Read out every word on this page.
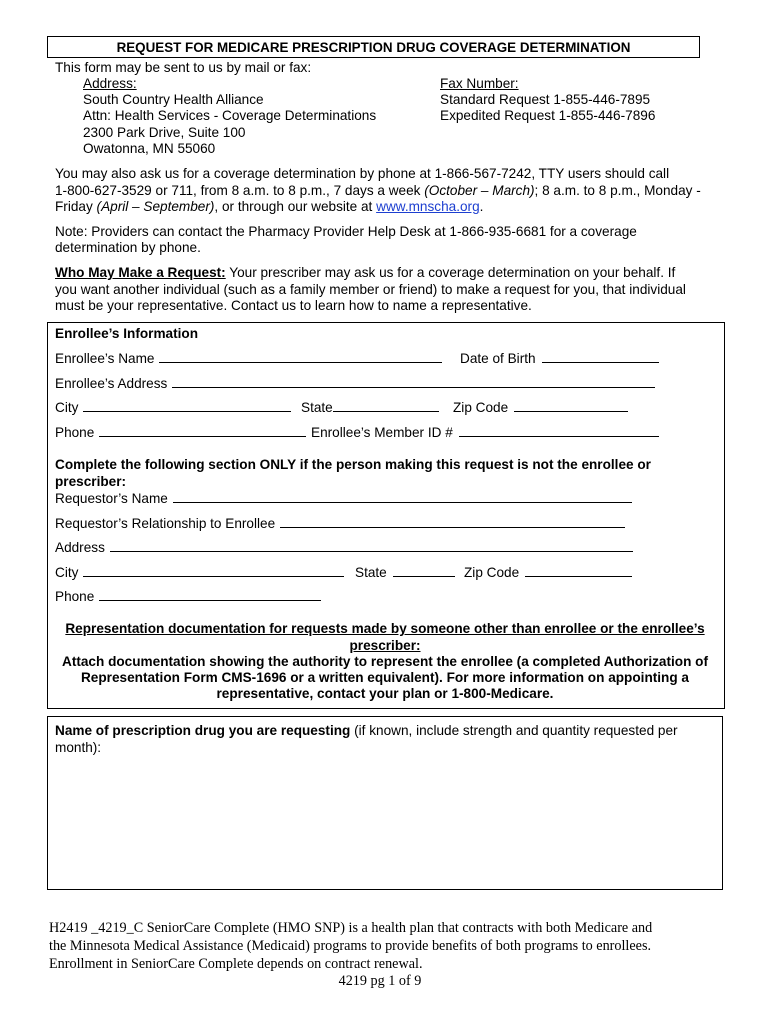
REQUEST FOR MEDICARE PRESCRIPTION DRUG COVERAGE DETERMINATION
This form may be sent to us by mail or fax:
Address:
South Country Health Alliance
Attn: Health Services - Coverage Determinations
2300 Park Drive, Suite 100
Owatonna, MN 55060
Fax Number:
Standard Request 1-855-446-7895
Expedited Request 1-855-446-7896
You may also ask us for a coverage determination by phone at 1-866-567-7242, TTY users should call
1-800-627-3529 or 711, from 8 a.m. to 8 p.m., 7 days a week (October – March); 8 a.m. to 8 p.m., Monday -
Friday (April – September), or through our website at www.mnscha.org.
Note: Providers can contact the Pharmacy Provider Help Desk at 1-866-935-6681 for a coverage
determination by phone.
Who May Make a Request: Your prescriber may ask us for a coverage determination on your behalf. If
you want another individual (such as a family member or friend) to make a request for you, that individual
must be your representative. Contact us to learn how to name a representative.
Enrollee’s Information
Enrollee’s Name	Date of Birth
Enrollee’s Address
City	State	Zip Code
Phone	Enrollee’s Member ID #
Complete the following section ONLY if the person making this request is not the enrollee or
prescriber:
Requestor’s Name
Requestor’s Relationship to Enrollee
Address
City	State	Zip Code
Phone
Representation documentation for requests made by someone other than enrollee or the enrollee’s
prescriber:
Attach documentation showing the authority to represent the enrollee (a completed Authorization of
Representation Form CMS-1696 or a written equivalent). For more information on appointing a
representative, contact your plan or 1-800-Medicare.
Name of prescription drug you are requesting (if known, include strength and quantity requested per
month):
H2419 _4219_C SeniorCare Complete (HMO SNP) is a health plan that contracts with both Medicare and
the Minnesota Medical Assistance (Medicaid) programs to provide benefits of both programs to enrollees.
Enrollment in SeniorCare Complete depends on contract renewal.
4219 pg 1 of 9
